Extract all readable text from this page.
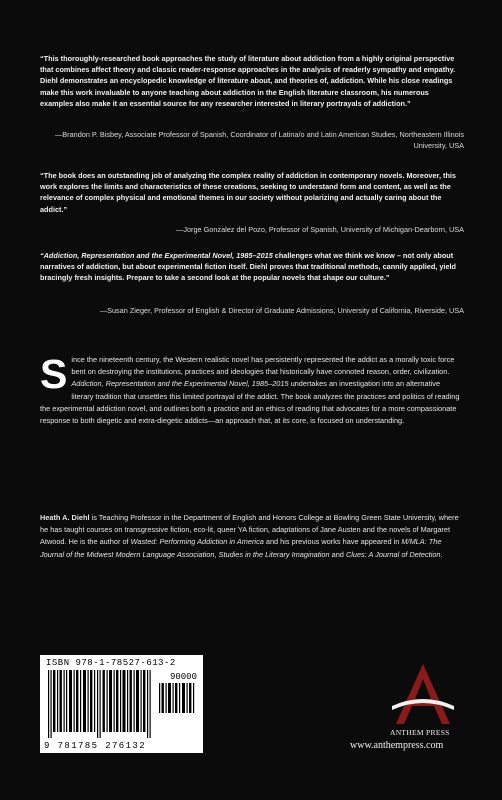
“This thoroughly-researched book approaches the study of literature about addiction from a highly original perspective that combines affect theory and classic reader-response approaches in the analysis of readerly sympathy and empathy. Diehl demonstrates an encyclopedic knowledge of literature about, and theories of, addiction. While his close readings make this work invaluable to anyone teaching about addiction in the English literature classroom, his numerous examples also make it an essential source for any researcher interested in literary portrayals of addiction.”
—Brandon P. Bisbey, Associate Professor of Spanish, Coordinator of Latina/o and Latin American Studies, Northeastern Illinois University, USA
“The book does an outstanding job of analyzing the complex reality of addiction in contemporary novels. Moreover, this work explores the limits and characteristics of these creations, seeking to understand form and content, as well as the relevance of complex physical and emotional themes in our society without polarizing and actually caring about the addict.”
—Jorge Gonzalez del Pozo, Professor of Spanish, University of Michigan-Dearborn, USA
“Addiction, Representation and the Experimental Novel, 1985–2015 challenges what we think we know – not only about narratives of addiction, but about experimental fiction itself. Diehl proves that traditional methods, cannily applied, yield bracingly fresh insights. Prepare to take a second look at the popular novels that shape our culture.”
—Susan Zieger, Professor of English & Director of Graduate Admissions, University of California, Riverside, USA
Since the nineteenth century, the Western realistic novel has persistently represented the addict as a morally toxic force bent on destroying the institutions, practices and ideologies that historically have connoted reason, order, civilization. Addiction, Representation and the Experimental Novel, 1985–2015 undertakes an investigation into an alternative literary tradition that unsettles this limited portrayal of the addict. The book analyzes the practices and politics of reading the experimental addiction novel, and outlines both a practice and an ethics of reading that advocates for a more compassionate response to both diegetic and extra-diegetic addicts—an approach that, at its core, is focused on understanding.
Heath A. Diehl is Teaching Professor in the Department of English and Honors College at Bowling Green State University, where he has taught courses on transgressive fiction, eco-lit, queer YA fiction, adaptations of Jane Austen and the novels of Margaret Atwood. He is the author of Wasted: Performing Addiction in America and his previous works have appeared in M/MLA: The Journal of the Midwest Modern Language Association, Studies in the Literary Imagination and Clues: A Journal of Detection.
ISBN 978-1-78527-613-2
90000
9 781785 276132
ANTHEM PRESS
www.anthempress.com
